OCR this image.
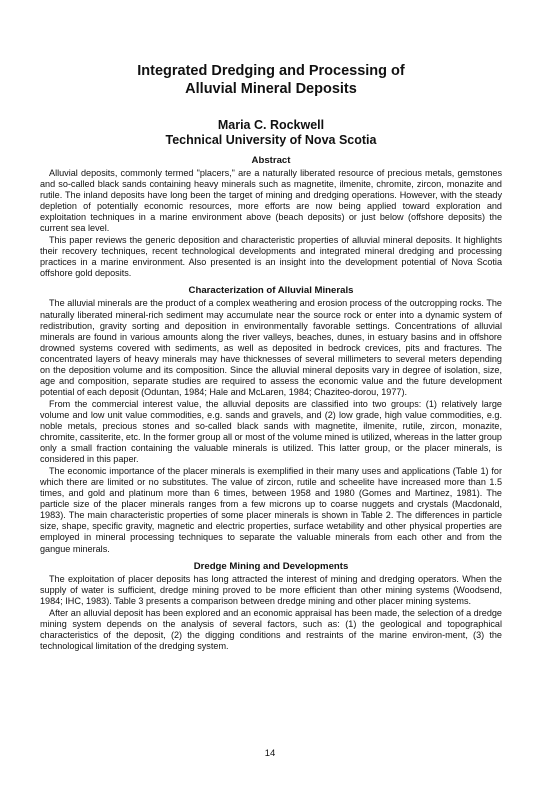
Integrated Dredging and Processing of
Alluvial Mineral Deposits
Maria C. Rockwell
Technical University of Nova Scotia
Abstract

Alluvial deposits, commonly termed "placers," are a naturally liberated resource of precious metals, gemstones and so-called black sands containing heavy minerals such as magnetite, ilmenite, chromite, zircon, monazite and rutile. The inland deposits have long been the target of mining and dredging operations. However, with the steady depletion of potentially economic resources, more efforts are now being applied toward exploration and exploitation techniques in a marine environment above (beach deposits) or just below (offshore deposits) the current sea level.

This paper reviews the generic deposition and characteristic properties of alluvial mineral deposits. It highlights their recovery techniques, recent technological developments and integrated mineral dredging and processing practices in a marine environment. Also presented is an insight into the development potential of Nova Scotia offshore gold deposits.

Characterization of Alluvial Minerals

The alluvial minerals are the product of a complex weathering and erosion process of the outcropping rocks. The naturally liberated mineral-rich sediment may accumulate near the source rock or enter into a dynamic system of redistribution, gravity sorting and deposition in environmentally favorable settings. Concentrations of alluvial minerals are found in various amounts along the river valleys, beaches, dunes, in estuary basins and in offshore drowned systems covered with sediments, as well as deposited in bedrock crevices, pits and fractures. The concentrated layers of heavy minerals may have thicknesses of several millimeters to several meters depending on the deposition volume and its composition. Since the alluvial mineral deposits vary in degree of isolation, size, age and composition, separate studies are required to assess the economic value and the future development potential of each deposit (Oduntan, 1984; Hale and McLaren, 1984; Chaziteo-dorou, 1977).

From the commercial interest value, the alluvial deposits are classified into two groups: (1) relatively large volume and low unit value commodities, e.g. sands and gravels, and (2) low grade, high value commodities, e.g. noble metals, precious stones and so-called black sands with magnetite, ilmenite, rutile, zircon, monazite, chromite, cassiterite, etc. In the former group all or most of the volume mined is utilized, whereas in the latter group only a small fraction containing the valuable minerals is utilized. This latter group, or the placer minerals, is considered in this paper.

The economic importance of the placer minerals is exemplified in their many uses and applications (Table 1) for which there are limited or no substitutes. The value of zircon, rutile and scheelite have increased more than 1.5 times, and gold and platinum more than 6 times, between 1958 and 1980 (Gomes and Martinez, 1981). The particle size of the placer minerals ranges from a few microns up to coarse nuggets and crystals (Macdonald, 1983). The main characteristic properties of some placer minerals is shown in Table 2. The differences in particle size, shape, specific gravity, magnetic and electric properties, surface wetability and other physical properties are employed in mineral processing techniques to separate the valuable minerals from each other and from the gangue minerals.

Dredge Mining and Developments

The exploitation of placer deposits has long attracted the interest of mining and dredging operators. When the supply of water is sufficient, dredge mining proved to be more efficient than other mining systems (Woodsend, 1984; IHC, 1983). Table 3 presents a comparison between dredge mining and other placer mining systems.

After an alluvial deposit has been explored and an economic appraisal has been made, the selection of a dredge mining system depends on the analysis of several factors, such as: (1) the geological and topographical characteristics of the deposit, (2) the digging conditions and restraints of the marine environ-ment, (3) the technological limitation of the dredging system.

14
